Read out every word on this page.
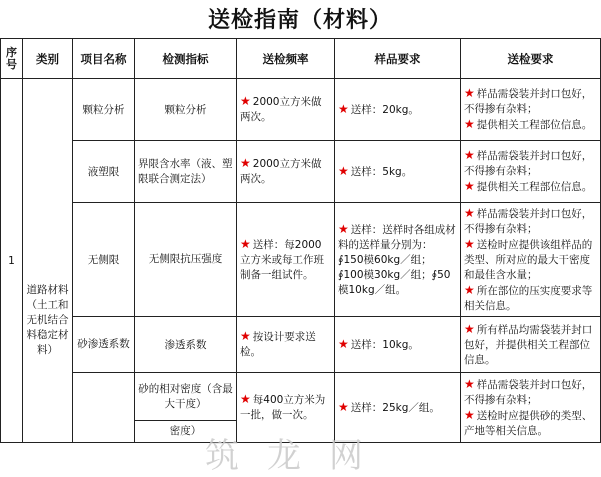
送检指南（材料）
序号	类别	项目名称	检测指标	送检频率	样品要求	送检要求
1	道路材料（土工和无机结合料稳定材料）	颗粒分析	颗粒分析	★ 2000立方米做两次。	★ 送样：20kg。	★ 样品需袋装并封口包好，不得掺有杂料；
★ 提供相关工程部位信息。

		液塑限	界限含水率（液、塑限联合测定法）	★ 2000立方米做两次。	★ 送样：5kg。	★ 样品需袋装并封口包好，不得掺有杂料；
★ 提供相关工程部位信息。

		无侧限	无侧限抗压强度	★ 送样：每2000立方米或每工作班制备一组试件。	★ 送样：送样时各组成材料的送样量分别为：∮150模60kg／组；∮100模30kg／组；∮50模10kg／组。	★ 样品需袋装并封口包好，不得掺有杂料；
★ 送检时应提供该组样品的类型、所对应的最大干密度和最佳含水量；
★ 所在部位的压实度要求等相关信息。

		砂渗透系数	渗透系数	★ 按设计要求送检。	★ 送样：10kg。	★ 所有样品均需袋装并封口包好，并提供相关工程部位信息。

			砂的相对密度（含最大干度）	★ 每400立方米为一批，做一次。	★ 送样：25kg／组。	★ 样品需袋装并封口包好，不得掺有杂料；
★ 送检时应提供砂的类型、产地等相关信息。

			密度）			
筑龙网
